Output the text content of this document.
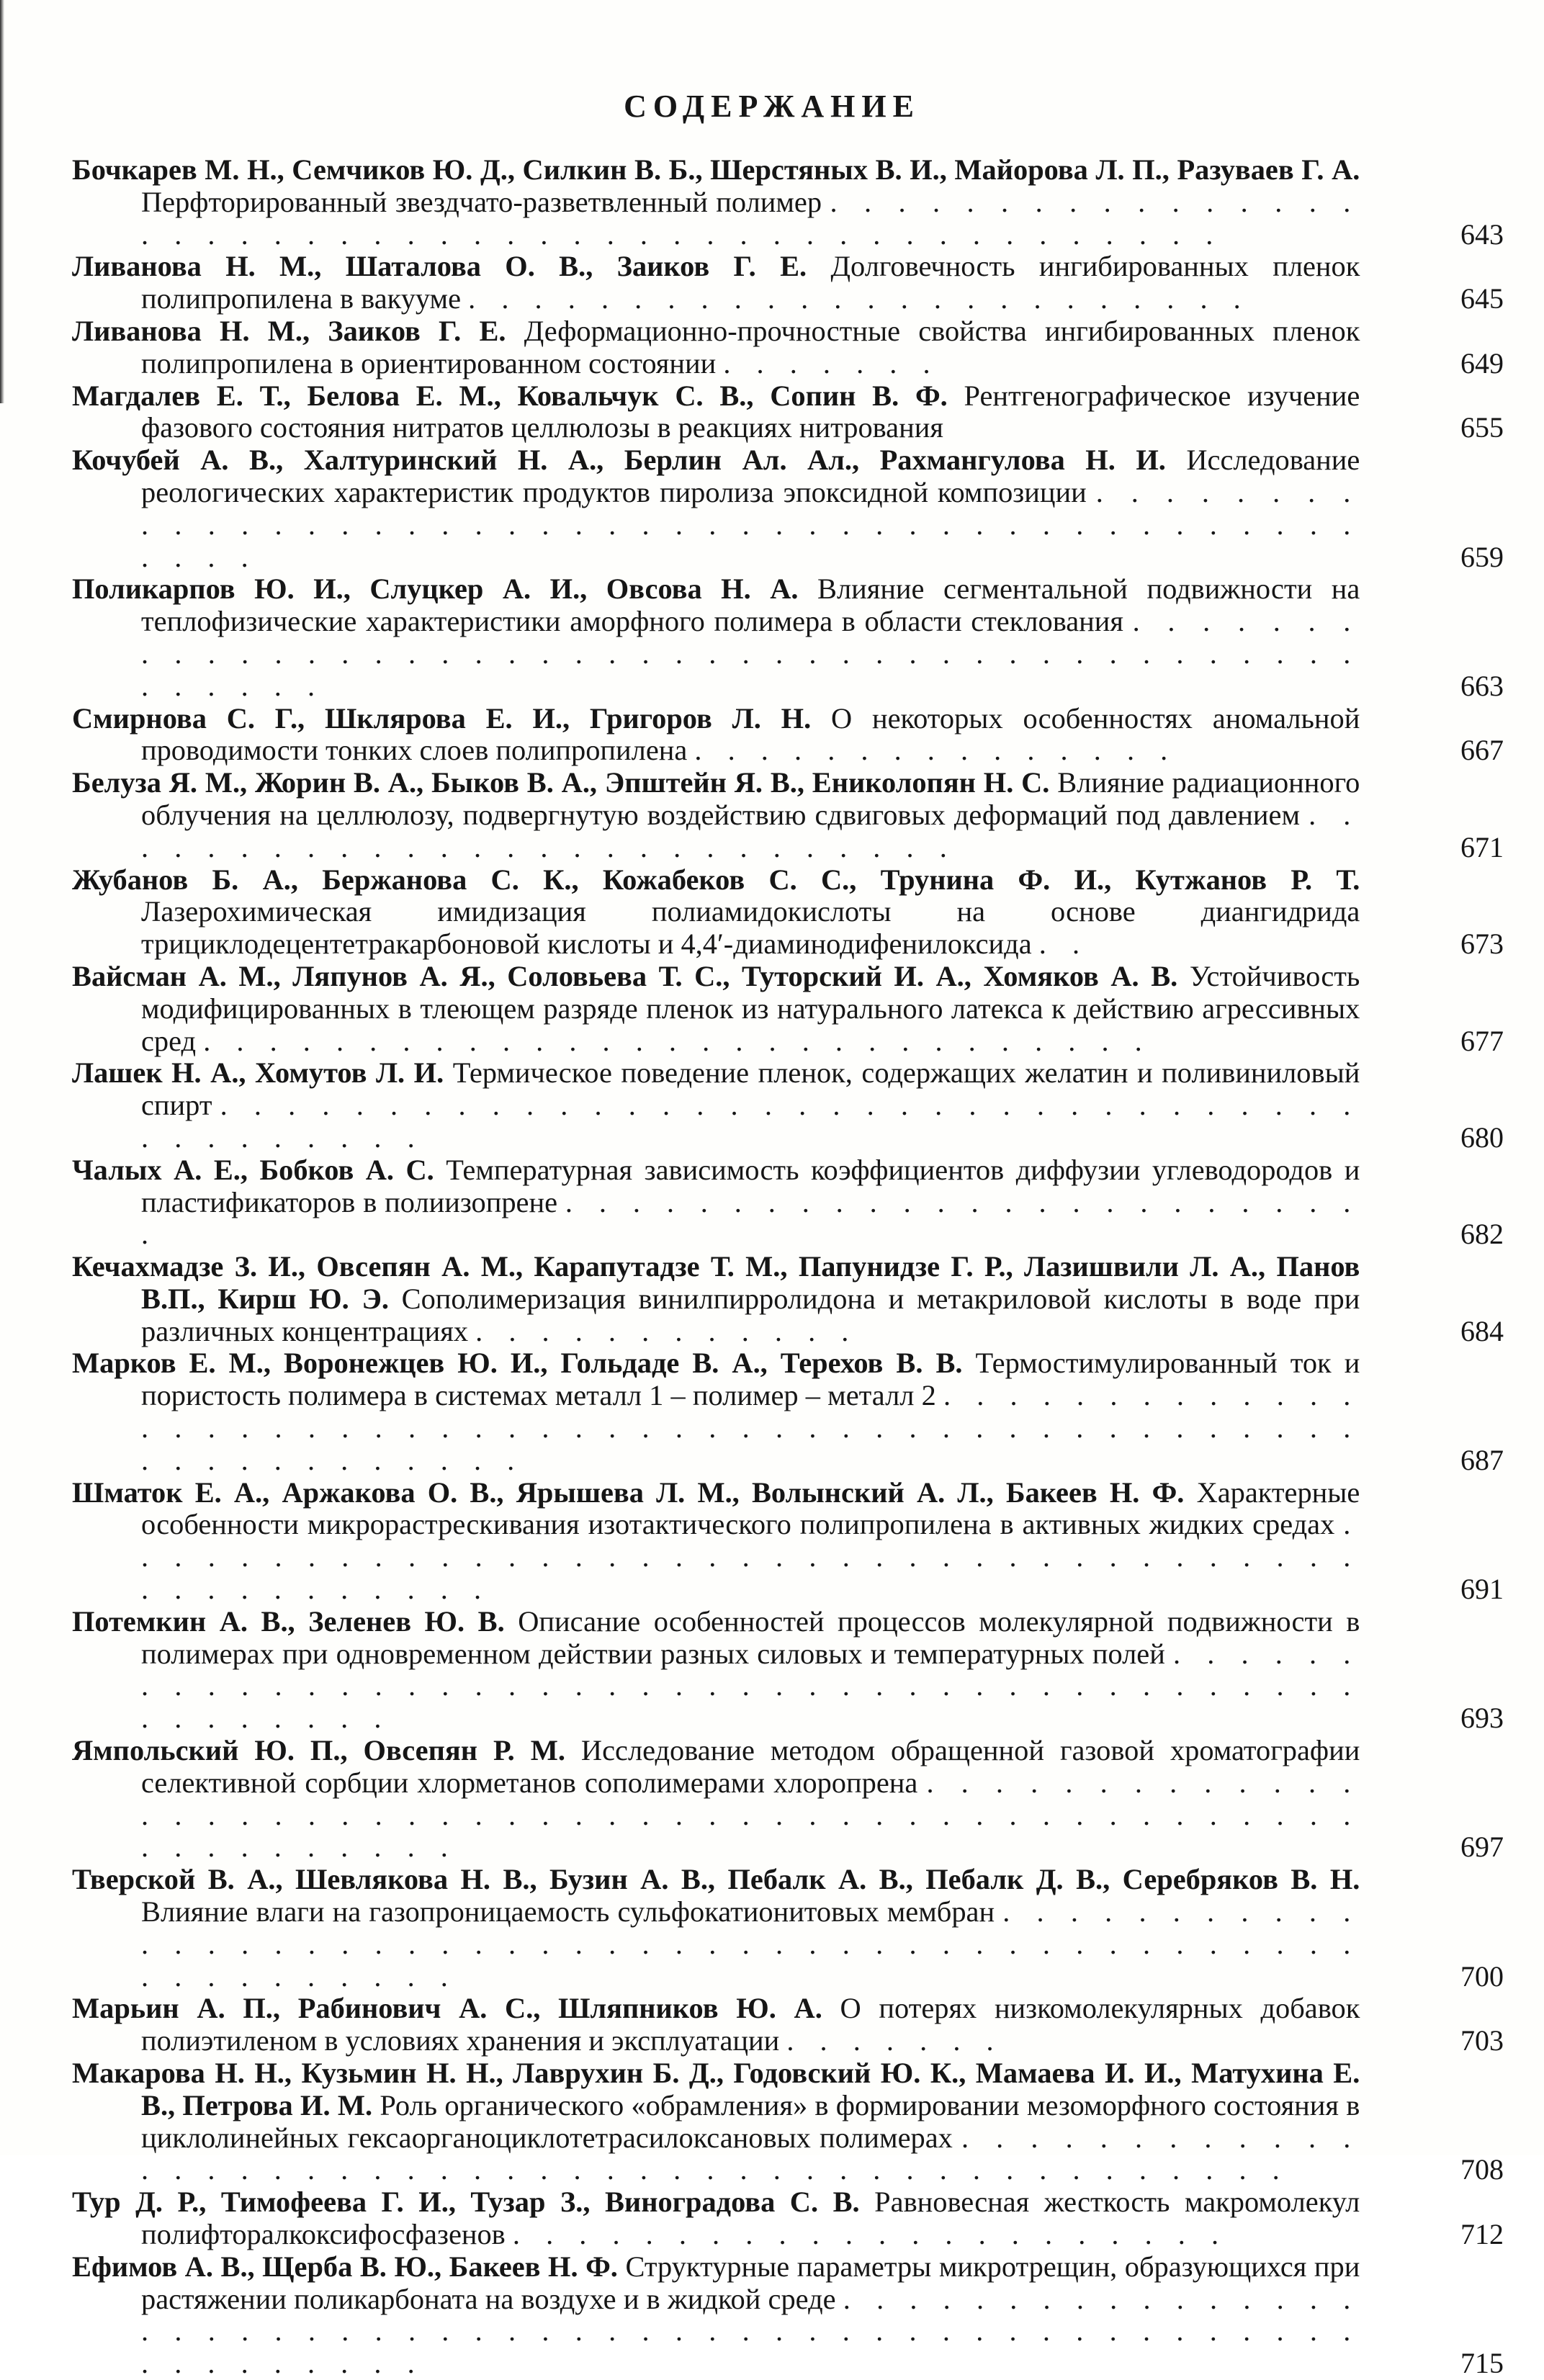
СОДЕРЖАНИЕ
Бочкарев М. Н., Семчиков Ю. Д., Силкин В. Б., Шерстяных В. И., Майорова Л. П., Разуваев Г. А. Перфторированный звездчато-разветвленный полимер . . . . . . . . . . . . . . . . . . . . . . . . . . . . . . . . . . . . . . . . . . . . . . . . .	643
Ливанова Н. М., Шаталова О. В., Заиков Г. Е. Долговечность ингибированных пленок полипропилена в вакууме . . . . . . . . . . . . . . . . . . . . . . . .	645
Ливанова Н. М., Заиков Г. Е. Деформационно-прочностные свойства ингибированных пленок полипропилена в ориентированном состоянии . . . . . . .	649
Магдалев Е. Т., Белова Е. М., Ковальчук С. В., Сопин В. Ф. Рентгенографическое изучение фазового состояния нитратов целлюлозы в реакциях нитрования	655
Кочубей А. В., Халтуринский Н. А., Берлин Ал. Ал., Рахмангулова Н. И. Исследование реологических характеристик продуктов пиролиза эпоксидной композиции . . . . . . . . . . . . . . . . . . . . . . . . . . . . . . . . . . . . . . . . . . . . . . . . .	659
Поликарпов Ю. И., Слуцкер А. И., Овсова Н. А. Влияние сегментальной подвижности на теплофизические характеристики аморфного полимера в области стеклования . . . . . . . . . . . . . . . . . . . . . . . . . . . . . . . . . . . . . . . . . . . . . . . . . .	663
Смирнова С. Г., Шклярова Е. И., Григоров Л. Н. О некоторых особенностях аномальной проводимости тонких слоев полипропилена . . . . . . . . . . . . . . .	667
Белуза Я. М., Жорин В. А., Быков В. А., Эпштейн Я. В., Ениколопян Н. С. Влияние радиационного облучения на целлюлозу, подвергнутую воздействию сдвиговых деформаций под давлением . . . . . . . . . . . . . . . . . . . . . . . . . . .	671
Жубанов Б. А., Бержанова С. К., Кожабеков С. С., Трунина Ф. И., Кутжанов Р. Т. Лазерохимическая имидизация полиамидокислоты на основе диангидрида трициклодецентетракарбоновой кислоты и 4,4′-диаминодифенилоксида . .	673
Вайсман А. М., Ляпунов А. Я., Соловьева Т. С., Туторский И. А., Хомяков А. В. Устойчивость модифицированных в тлеющем разряде пленок из натурального латекса к действию агрессивных сред . . . . . . . . . . . . . . . . . . . . . . . . . . . . .	677
Лашек Н. А., Хомутов Л. И. Термическое поведение пленок, содержащих желатин и поливиниловый спирт . . . . . . . . . . . . . . . . . . . . . . . . . . . . . . . . . . . . . . . . . . .	680
Чалых А. Е., Бобков А. С. Температурная зависимость коэффициентов диффузии углеводородов и пластификаторов в полиизопрене . . . . . . . . . . . . . . . . . . . . . . . . .	682
Кечахмадзе З. И., Овсепян А. М., Карапутадзе Т. М., Папунидзе Г. Р., Лазишвили Л. А., Панов В.П., Кирш Ю. Э. Сополимеризация винилпирролидона и метакриловой кислоты в воде при различных концентрациях . . . . . . . . . . . .	684
Марков Е. М., Воронежцев Ю. И., Гольдаде В. А., Терехов В. В. Термостимулированный ток и пористость полимера в системах металл 1 – полимер – металл 2 . . . . . . . . . . . . . . . . . . . . . . . . . . . . . . . . . . . . . . . . . . . . . . . . . . . . . . . . . . . . . .	687
Шматок Е. А., Аржакова О. В., Ярышева Л. М., Волынский А. Л., Бакеев Н. Ф. Характерные особенности микрорастрескивания изотактического полипропилена в активных жидких средах . . . . . . . . . . . . . . . . . . . . . . . . . . . . . . . . . . . . . . . . . . . . . . . . .	691
Потемкин А. В., Зеленев Ю. В. Описание особенностей процессов молекулярной подвижности в полимерах при одновременном действии разных силовых и температурных полей . . . . . . . . . . . . . . . . . . . . . . . . . . . . . . . . . . . . . . . . . . . . . . . . . . .	693
Ямпольский Ю. П., Овсепян Р. М. Исследование методом обращенной газовой хроматографии селективной сорбции хлорметанов сополимерами хлоропрена . . . . . . . . . . . . . . . . . . . . . . . . . . . . . . . . . . . . . . . . . . . . . . . . . . . . . . . . . . . .	697
Тверской В. А., Шевлякова Н. В., Бузин А. В., Пебалк А. В., Пебалк Д. В., Серебряков В. Н. Влияние влаги на газопроницаемость сульфокатионитовых мембран . . . . . . . . . . . . . . . . . . . . . . . . . . . . . . . . . . . . . . . . . . . . . . . . . . . . . . . . . .	700
Марьин А. П., Рабинович А. С., Шляпников Ю. А. О потерях низкомолекулярных добавок полиэтиленом в условиях хранения и эксплуатации . . . . . . .	703
Макарова Н. Н., Кузьмин Н. Н., Лаврухин Б. Д., Годовский Ю. К., Мамаева И. И., Матухина Е. В., Петрова И. М. Роль органического «обрамления» в формировании мезоморфного состояния в циклолинейных гексаорганоциклотетрасилоксановых полимерах . . . . . . . . . . . . . . . . . . . . . . . . . . . . . . . . . . . . . . . . . . . . . . .	708
Тур Д. Р., Тимофеева Г. И., Тузар З., Виноградова С. В. Равновесная жесткость макромолекул полифторалкоксифосфазенов . . . . . . . . . . . . . . . . . . . . . .	712
Ефимов А. В., Щерба В. Ю., Бакеев Н. Ф. Структурные параметры микротрещин, образующихся при растяжении поликарбоната на воздухе и в жидкой среде . . . . . . . . . . . . . . . . . . . . . . . . . . . . . . . . . . . . . . . . . . . . . . . . . . . . . . . . . . . . . .	715
